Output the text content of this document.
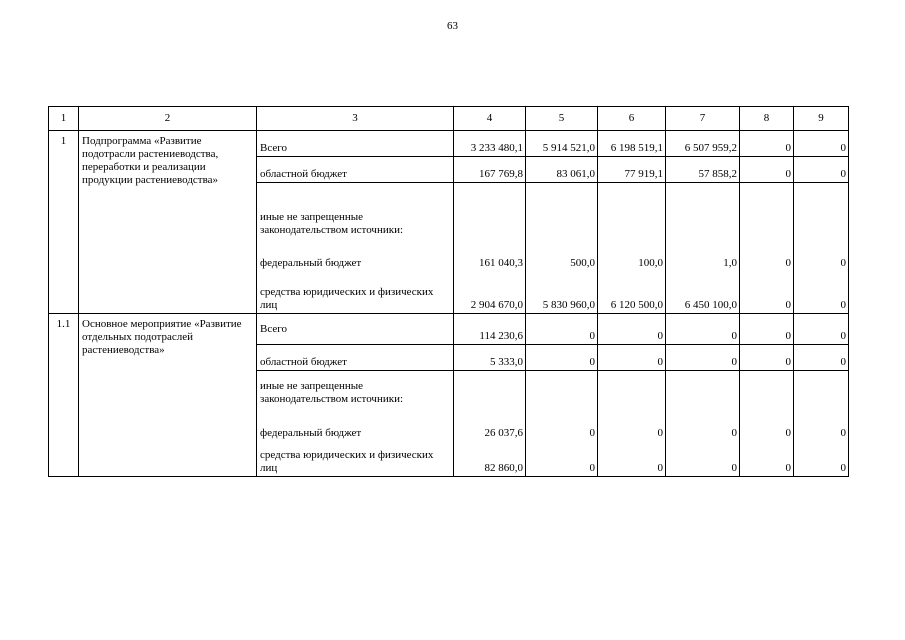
63
1	2	3	4	5	6	7	8	9
1	Подпрограмма «Развитие подотрасли растениеводства, переработки и реализации продукции растениеводства»	Всего	3 233 480,1	5 914 521,0	6 198 519,1	6 507 959,2	0	0
		областной бюджет	167 769,8	83 061,0	77 919,1	57 858,2	0	0
		иные не запрещенные законодательством источники:						
		федеральный бюджет	161 040,3	500,0	100,0	1,0	0	0
		средства юридических и физических лиц	2 904 670,0	5 830 960,0	6 120 500,0	6 450 100,0	0	0
1.1	Основное мероприятие «Развитие отдельных подотраслей растениеводства»	Всего	114 230,6	0	0	0	0	0
		областной бюджет	5 333,0	0	0	0	0	0
		иные не запрещенные законодательством источники:						
		федеральный бюджет	26 037,6	0	0	0	0	0
		средства юридических и физических лиц	82 860,0	0	0	0	0	0
